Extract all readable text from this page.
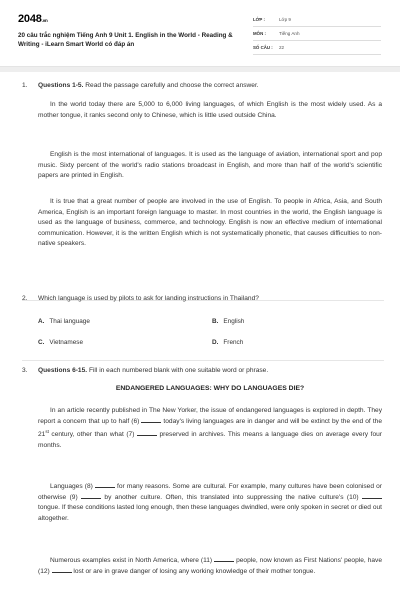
2048.vn
20 câu trắc nghiệm Tiếng Anh 9 Unit 1. English in the World - Reading & Writing - iLearn Smart World có đáp án
LỚP :	Lớp 9
MÔN :	Tiếng Anh
SỐ CÂU :	22
1.	Questions 1-5. Read the passage carefully and choose the correct answer.

In the world today there are 5,000 to 6,000 living languages, of which English is the most widely used. As a mother tongue, it ranks second only to Chinese, which is little used outside China.

English is the most international of languages. It is used as the language of aviation, international sport and pop music. Sixty percent of the world's radio stations broadcast in English, and more than half of the world's scientific papers are printed in English.

It is true that a great number of people are involved in the use of English. To people in Africa, Asia, and South America, English is an important foreign language to master. In most countries in the world, the English language is used as the language of business, commerce, and technology. English is now an effective medium of international communication. However, it is the written English which is not systematically phonetic, that causes difficulties to non-native speakers.

2.	Which language is used by pilots to ask for landing instructions in Thailand?
A. Thai language	B. English
C. Vietnamese	D. French
3.	Questions 6-15. Fill in each numbered blank with one suitable word or phrase.
ENDANGERED LANGUAGES: WHY DO LANGUAGES DIE?

In an article recently published in The New Yorker, the issue of endangered languages is explored in depth. They report a concern that up to half (6)	today's living languages are in danger and will be extinct by the end of the 21st century, other than what (7)	preserved in archives. This means a language dies on average every four months.

Languages (8)	for many reasons. Some are cultural. For example, many cultures have been colonised or otherwise (9)	by another culture. Often, this translated into suppressing the native culture's (10)  tongue. If these conditions lasted long enough, then these languages dwindled, were only spoken in secret or died out altogether.

Numerous examples exist in North America, where (11)	people, now known as First Nations' people, have (12)	lost or are in grave danger of losing any working knowledge of their mother tongue.
